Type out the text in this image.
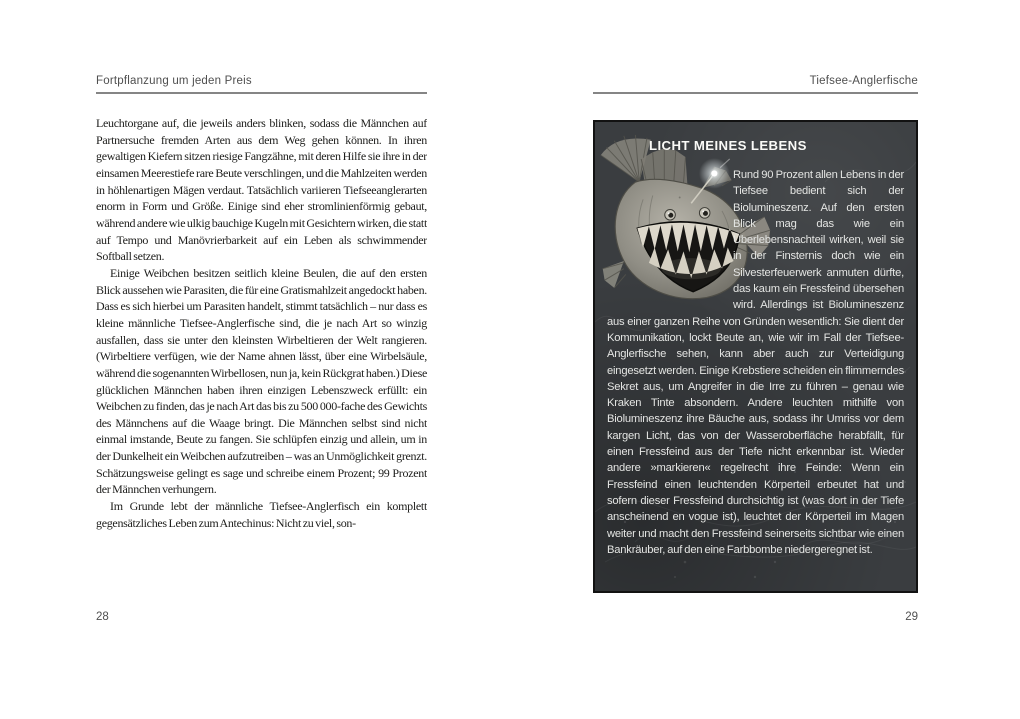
Fortpflanzung um jeden Preis

Leuchtorgane auf, die jeweils anders blinken, sodass die Männchen auf Partnersuche fremden Arten aus dem Weg gehen können. In ihren gewaltigen Kiefern sitzen riesige Fangzähne, mit deren Hilfe sie ihre in der einsamen Meerestiefe rare Beute verschlingen, und die Mahlzeiten werden in höhlenartigen Mägen verdaut. Tatsächlich variieren Tiefseeanglerarten enorm in Form und Größe. Einige sind eher stromlinienförmig gebaut, während andere wie ulkig bauchige Kugeln mit Gesichtern wirken, die statt auf Tempo und Manövrierbarkeit auf ein Leben als schwimmender Softball setzen.

Einige Weibchen besitzen seitlich kleine Beulen, die auf den ersten Blick aussehen wie Parasiten, die für eine Gratismahlzeit angedockt haben. Dass es sich hierbei um Parasiten handelt, stimmt tatsächlich – nur dass es kleine männliche Tiefsee-Anglerfische sind, die je nach Art so winzig ausfallen, dass sie unter den kleinsten Wirbeltieren der Welt rangieren. (Wirbeltiere verfügen, wie der Name ahnen lässt, über eine Wirbelsäule, während die sogenannten Wirbellosen, nun ja, kein Rückgrat haben.) Diese glücklichen Männchen haben ihren einzigen Lebenszweck erfüllt: ein Weibchen zu finden, das je nach Art das bis zu 500 000-fache des Gewichts des Männchens auf die Waage bringt. Die Männchen selbst sind nicht einmal imstande, Beute zu fangen. Sie schlüpfen einzig und allein, um in der Dunkelheit ein Weibchen aufzutreiben – was an Unmöglichkeit grenzt. Schätzungsweise gelingt es sage und schreibe einem Prozent; 99 Prozent der Männchen verhungern.

Im Grunde lebt der männliche Tiefsee-Anglerfisch ein komplett gegensätzliches Leben zum Antechinus: Nicht zu viel, son-

Tiefsee-Anglerfische
LICHT MEINES LEBENS
Rund 90 Prozent allen Lebens in der Tiefsee bedient sich der Biolumineszenz. Auf den ersten Blick mag das wie ein Überlebensnachteil wirken, weil sie in der Finsternis doch wie ein Silvesterfeuerwerk anmuten dürfte, das kaum ein Fressfeind übersehen wird. Allerdings ist Biolumineszenz aus einer ganzen Reihe von Gründen wesentlich: Sie dient der Kommunikation, lockt Beute an, wie wir im Fall der Tiefsee-Anglerfische sehen, kann aber auch zur Verteidigung eingesetzt werden. Einige Krebstiere scheiden ein flimmerndes Sekret aus, um Angreifer in die Irre zu führen – genau wie Kraken Tinte absondern. Andere leuchten mithilfe von Biolumineszenz ihre Bäuche aus, sodass ihr Umriss vor dem kargen Licht, das von der Wasseroberfläche herabfällt, für einen Fressfeind aus der Tiefe nicht erkennbar ist. Wieder andere »markieren« regelrecht ihre Feinde: Wenn ein Fressfeind einen leuchtenden Körperteil erbeutet hat und sofern dieser Fressfeind durchsichtig ist (was dort in der Tiefe anscheinend en vogue ist), leuchtet der Körperteil im Magen weiter und macht den Fressfeind seinerseits sichtbar wie einen Bankräuber, auf den eine Farbbombe niedergeregnet ist.
28	29
